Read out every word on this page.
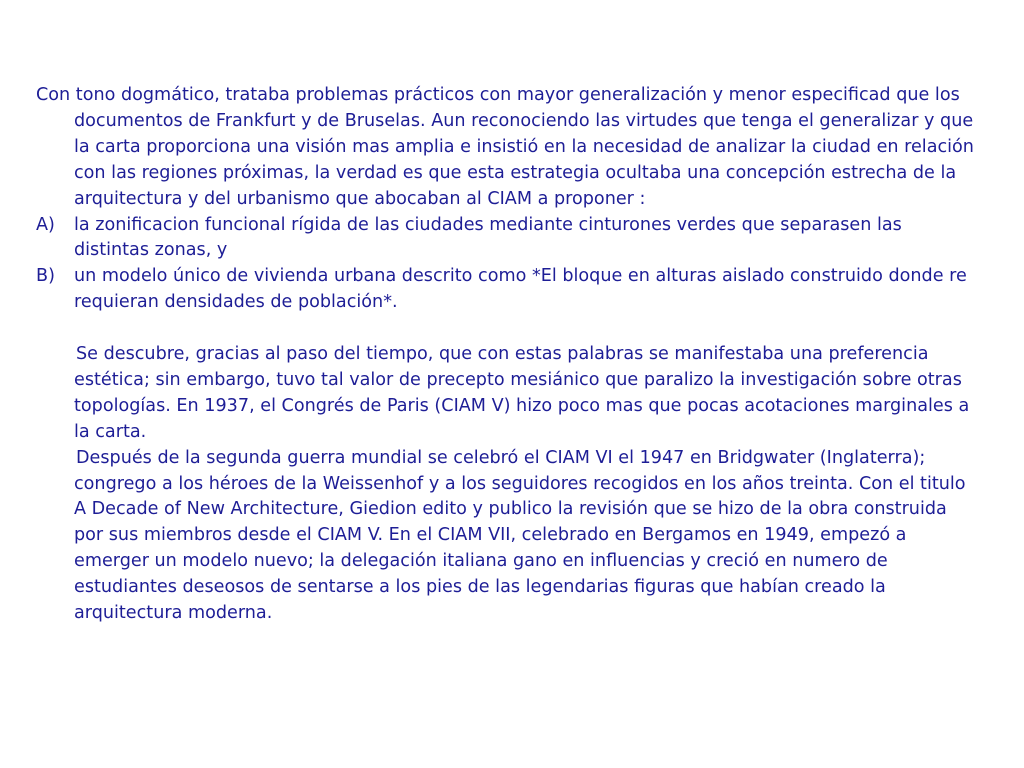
Con tono dogmático, trataba problemas prácticos con mayor generalización y menor especificad que los documentos de Frankfurt y de Bruselas. Aun reconociendo las virtudes que tenga el generalizar y que la carta proporciona una visión mas amplia e insistió en la necesidad de analizar la ciudad en relación con las regiones próximas, la verdad es que esta estrategia ocultaba una concepción estrecha de la arquitectura y del urbanismo que abocaban al CIAM a proponer :

A)	la zonificacion funcional rígida de las ciudades mediante cinturones verdes que separasen las distintas zonas, y
B)	un modelo único de vivienda urbana descrito como *El bloque en alturas aislado construido donde re requieran densidades de población*.

Se descubre, gracias al paso del tiempo, que con estas palabras se manifestaba una preferencia estética; sin embargo, tuvo tal valor de precepto mesiánico que paralizo la investigación sobre otras topologías. En 1937, el Congrés de Paris (CIAM V) hizo poco mas que pocas acotaciones marginales a la carta.

Después de la segunda guerra mundial se celebró el CIAM VI el 1947 en Bridgwater (Inglaterra); congrego a los héroes de la Weissenhof y a los seguidores recogidos en los años treinta. Con el titulo A Decade of New Architecture, Giedion edito y publico la revisión que se hizo de la obra construida por sus miembros desde el CIAM V. En el CIAM VII, celebrado en Bergamos en 1949, empezó a emerger un modelo nuevo; la delegación italiana gano en influencias y creció en numero de estudiantes deseosos de sentarse a los pies de las legendarias figuras que habían creado la arquitectura moderna.
